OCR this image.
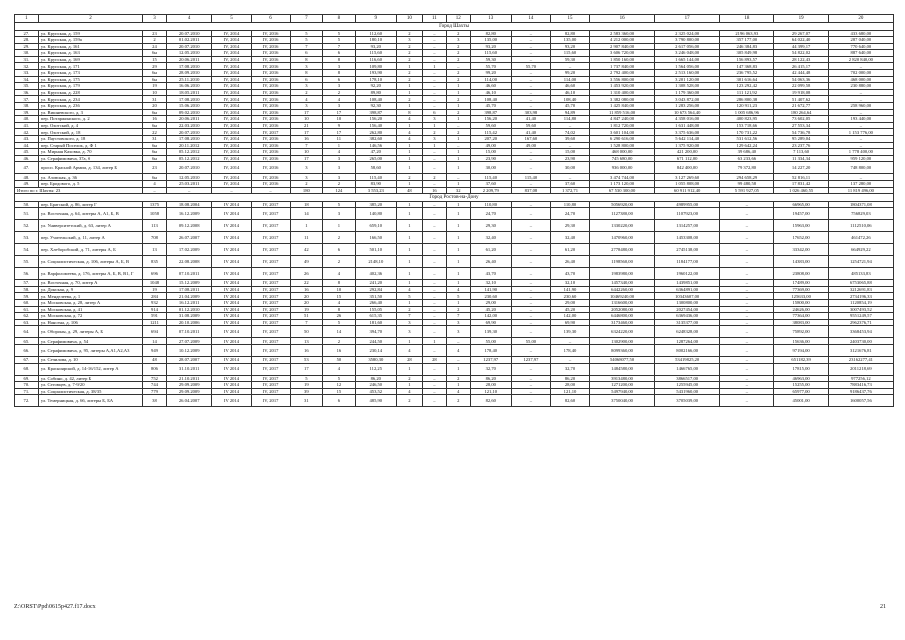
1	2	3	4	5	6	7	8	9	10	11	12	13	14	15	16	17	18	19	20
Город Шахты																			
27.	ул. Крупская, д. 159	23	20.07.2010	IV, 2014	IV, 2016	5	5	112,60	2	–	2	82,80	–	82,80	2 583 360,00	2 325 024,00	2196 063,93	29 267,07	433 680,00
28.	ул. Крупская, д. 159а	2	01.02.2011	IV, 2014	IV, 2016	5	5	180,10	3	–	3	135,00	–	135,00	4 212 000,00	3 790 800,00	357 177,00	64 022,40	287 040,00
29.	ул. Крупская, д. 161	24	20.07.2010	IV, 2014	IV, 2016	7	7	93,20	2	–	2	93,20	–	93,20	2 907 840,00	2 617 056,00	246 384,83	44 399,17	770 640,00
30.	ул. Крупская, д. 163	6н	12.05.2010	IV, 2014	IV, 2016	6	6	115,60	2	–	2	115,60	–	115,60	3 606 720,00	3 246 048,00	305 849,98	54 822,02	887 640,00
31.	ул. Крупская, д. 169	15	20.06.2011	IV, 2014	IV, 2016	8	8	116,60	2	–	2	59,30	–	59,30	1 850 160,00	1 665 144,00	156 893,57	28 122,43	2 820 840,00
32.	ул. Крупская, д. 171	29	17.08.2010	IV, 2014	IV, 2016	3	3	109,80	1	1	–	55,70	55,70	–	1 737 840,00	1 564 056,00	147 368,83	26 415,17	–
33.	ул. Крупская, д. 173	6н	28.09.2010	IV, 2014	IV, 2016	8	8	193,90	2	–	2	99,20	–	99,20	2 792 400,00	2 513 160,00	236 795,52	42 444,48	702 000,00
34.	ул. Крупская, д. 175	6н	25.11.2010	IV, 2014	IV, 2016	6	6	178,10	2	–	2	114,00	–	114,00	3 556 800,00	3 201 120,00	301 616,64	54 063,36	468 000,00
35.	ул. Крупская, д. 179	19	16.06.2010	IV, 2014	IV, 2016	3	3	92,20	1	–	1	46,60	–	46,60	1 453 920,00	1 308 528,00	123 292,42	22 099,58	230 880,00
36.	ул. Крупская, д. 228	10	18.05.2011	IV, 2014	IV, 2016	2	2	89,80	1	–	1	46,10	–	46,10	1 310 400,00	1 179 360,00	111 121,92	19 918,08	–
37.	ул. Крупская, д. 234	31	17.08.2010	IV, 2014	IV, 2016	4	4	108,40	2	–	2	108,40	–	108,40	3 382 080,00	3 043 872,00	286 800,38	51 407,62	–
38.	ул. Крупская, д. 236	20	15.06.2010	IV, 2014	IV, 2016	3	3	92,30	1	–	1	45,70	–	45,70	1 425 840,00	1 283 256,00	120 911,23	21 672,77	258 960,00
39.	ул. Вишневского, д. 3	6н	09.02.2010	IV, 2014	IV, 2016	17	17	398,87	8	6	2	398,87	303,98	94,89	11 859 516,00	10 673 564,40	1 005 686,96	180 264,64	–
40.	пер. Потаржинского, д. 2	16	20.06.2011	IV, 2014	IV, 2016	10	10	156,20	4	3	1	156,20	41,40	114,80	4 847 240,00	4 358 016,00	400 823,95	73 602,05	193 440,00
41.	пер. Охотский, д. 4	6н	22.03.2010	IV, 2014	IV, 2016	21	9	156,40	1	1	–	59,60	59,60	–	1 812 720,00	1 631 448,00	153 718,66	27 553,34	–
42.	пер. Охотский, д. 18	22	20.07.2010	IV, 2014	IV, 2017	17	17	262,80	4	2	2	115,42	41,40	74,02	3 601 104,00	3 375 636,00	170 731,22	54 736,78	1 153 776,00
43.	ул. Паустовского, д. 18	31	17.08.2010	IV, 2014	IV, 2016	16	11	382,60	4	3	1	207,20	167,60	39,60	6 290 616,00	5 642 114,40	531 612,56	95 289,04	–
44.	пер. Старый Поселок, д. Ф 1	6н	20.11.2012	IV, 2014	IV, 2016	7	1	146,56	1	1	–	49,00	49,00	–	1 528 800,00	1 375 920,00	129 642,24	23 237,76	–
45.	ул. Мирная Каховка, д. 70	6н	05.12.2012	IV, 2014	IV, 2016	10	4	47,20	1	–	1	15,00	–	15,00	468 000,00	421 200,00	39 686,40	7 113,60	1 778 400,00
46.	ул. Серафимовича, 37а, б	6н	05.12.2012	IV, 2014	IV, 2016	17	3	265,00	1	–	1	23,90	–	23,90	745 680,00	671 112,00	63 233,66	11 334,34	959 120,00
47.	просп. Красной Армии, д. 134, литер Б	23	20.07.2010	IV, 2014	IV, 2016	3	3	58,60	1	–	1	30,00	–	30,00	936 000,00	842 400,00	79 372,80	14 227,20	748 800,00
48.	ул. Азовская, д. 36	6н	12.05.2010	IV, 2014	IV, 2016	3	3	115,40	2	2	–	115,40	115,40	–	3 474 744,00	3 127 269,60	294 658,29	52 816,11	–
49.	пер. Бродового, д. 5	4	25.03.2011	IV, 2014	IV, 2016	2	2	83,90	1	–	1	37,60	–	37,60	1 173 120,00	1 055 808,00	99 480,58	17 831,42	137 280,00
Итого по г. Шахты: 23		–	–	–	–	180	124	3 553,23	48	16	32	2 209,79	837,08	1 372,71	67 530 300,00	60 911 912,40	5 591 927,05	1 026 460,55	11 819 496,00
Город Ростов-на-Дону																			
50.	пер. Братский, д. 86, литер Г	1375	18.08.2004	IV 2014	IV, 2017	18	5	385,20	1	–	1	110,80	–	110,80	5056920,00	4989955,00	–	66965,00	1804371,08
51.	ул. Восточная, д. 64, литеры А, А1, Б, В	1058	16.12.2009	IV 2014	IV, 2017	14	3	140,80	1	–	1	24,70	–	24,70	1127380,00	1107923,00	–	19457,00	756829,03
52.	ул. Университетский, д. 63, литер А	113	09.12.2008	IV 2014	IV, 2017	1	1	659,10	1	–	1	29,30	–	29,30	1330220,00	1314257,00	–	15963,00	1112510,06
53.	пер. Учительский, д. 11, литер А	708	26.07.2007	IV 2014	IV, 2017	11	2	166,50	1	–	1	32,40	–	32,40	1470960,00	1453308,00	–	17652,00	461472,26
54.	пер. Хлеборобский, д. 71, литеры А, Б	13	17.02.2009	IV 2014	IV, 2017	42	6	501,10	1	–	1	61,20	–	61,20	2778480,00	2745138,00	–	33342,00	664929,22
55.	ул. Социалистическая, д. 106, литеры А, Б, В	835	22.08.2008	IV 2014	IV, 2017	49	2	2148,10	1	–	1	26,40	–	26,40	1198560,00	1184177,00	–	14383,00	1254721,94
56.	ул. Варфоломеева, д. 176, литеры А, Б, В, В1, Г	696	07.10.2011	IV 2014	IV, 2017	26	4	402,36	1	–	1	43,70	–	43,70	1983980,00	1960122,00	–	23808,00	485133,83
57.	ул. Восточная, д. 70, литер А	1048	15.12.2009	IV 2014	IV, 2017	22	8	241,20	1	–	1	32,10	–	32,10	1457340,00	1439851,00	–	17489,00	6753065,88
58.	ул. Донская, д. 9	19	17.08.2011	IV 2014	IV, 2017	16	10	292,84	4	–	4	141,90	–	141,90	6442260,00	6364891,00	–	77369,00	3212691,83
59.	ул. Менделеева, д. 1	284	21.04.2009	IV 2014	IV, 2017	20	15	351,50	5	–	5	230,60	–	230,60	10469240,00	10343607,00	–	125633,00	2734196,33
60.	ул. Московская, д. 28, литер А	932	16.12.2011	IV 2014	IV, 2017	20	4	266,40	1	–	1	29,00	–	29,00	1316600,00	1300800,00	–	15800,00	1120854,19
61.	ул. Московская, д. 41	914	01.12.2010	IV 2014	IV, 2017	19	8	155,05	2	–	2	45,20	–	45,20	2052080,00	2027454,00	–	24626,00	3007493,52
62.	ул. Московская, д. 72	591	31.08.2009	IV 2014	IV, 2017	51	26	615,35	7	–	7	142,00	–	142,00	6446800,00	6369436,00	–	77364,00	9551249,57
63.	ул. Нансена, д. 106	1211	20.10.2006	IV 2014	IV, 2017	7	5	181,60	3	–	3	69,90	–	69,90	3173460,00	3135377,00	–	38083,00	2962376,71
64.	ул. Обороны, д. 29, литеры А, Б	694	07.10.2011	IV 2014	IV, 2017	50	14	394,70	3	–	3	139,30	–	139,30	6324220,00	6248328,00	–	75892,00	3368453,94
65.	ул. Серафимовича, д. 54	14	27.07.2009	IV 2014	IV, 2017	13	2	244,50	1	1	–	55,00	55,00	–	1302900,00	1287264,00	–	15636,00	2403730,00
66.	ул. Серафимовича, д. 95, литеры А,А1,А2,А3	949	10.12.2009	IV 2014	IV, 2017	16	16	230,14	4	–	4	178,40	–	178,40	8099360,00	8002166,00	–	97194,00	3121676,81
67.	ул. Сечилова, д. 10	48	28.07.2007	IV 2014	IV, 2017	53	50	3580,30	28	28	–	1237,97	1237,97	–	54068077,50	53419825,20	–	651182,39	23162277,41
68.	ул. Красноярской, д. 14-16/152, литер А	806	31.10.2011	IV 2014	IV, 2017	17	4	112,25	1	–	1	32,70	–	32,70	1484580,00	1466765,00	–	17815,00	2011218,69
69.	ул. Собино, д. 42, литер Б	752	21.10.2011	IV 2014	IV, 2017	5	5	86,20	2	–	2	86,20	–	86,20	3913480,00	3866517,00	–	46963,00	977256,12
70.	ул. Сеговцев, д. 7-9/20	744	29.09.2009	IV 2014	IV, 2017	19	12	246,50	1	–	1	28,00	–	28,00	1271200,00	1255945,00	–	15255,00	7883416,73
71.	ул. Социалистическая, д. 38/35	779	29.09.2009	IV 2014	IV, 2017	39	15	453,52	4	–	4	121,10	–	121,10	5497940,00	5431960,00	–	65977,00	9186437,76
72.	ул. Темерницкая, д. 66, литеры Б, БА	38	26.04.2007	IV 2014	IV, 2017	31	6	485,90	2	–	2	82,60	–	82,60	3750040,00	3705039,00	–	45001,00	1600057,56
Z:\ORST\Ppd\0615p427.f17.docx	21
